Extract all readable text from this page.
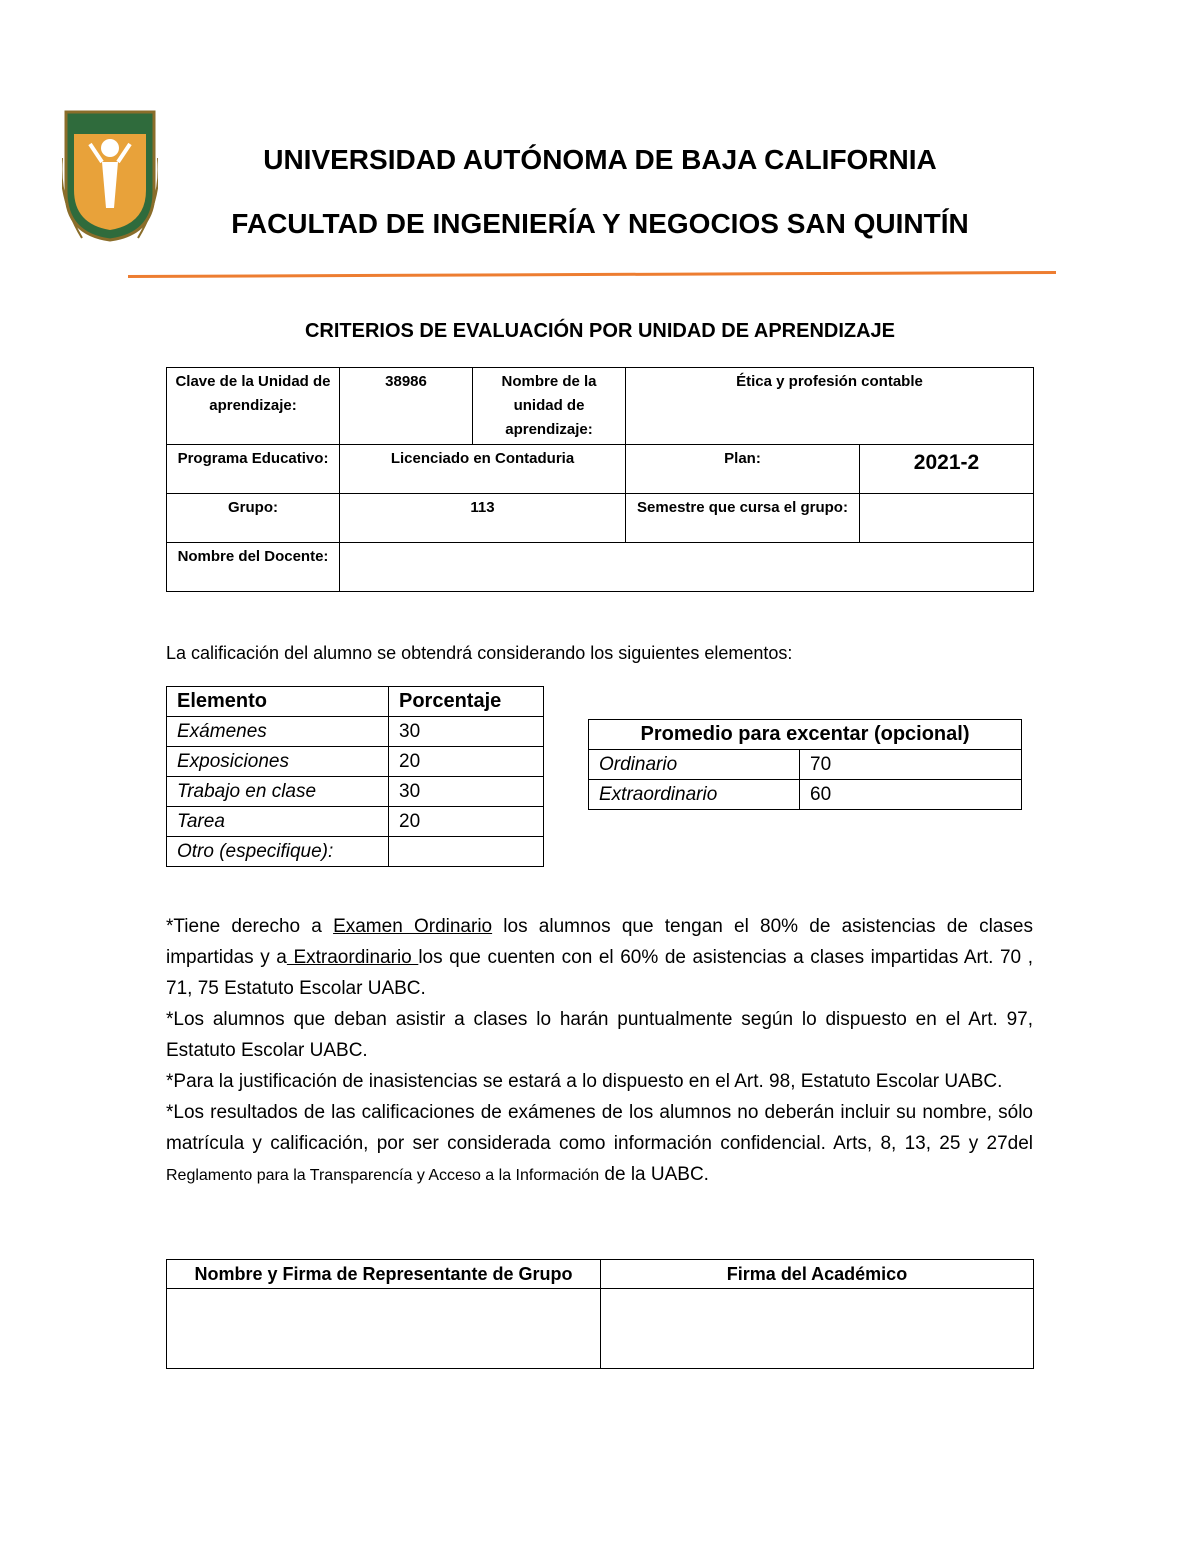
UNIVERSIDAD AUTÓNOMA DE BAJA CALIFORNIA
FACULTAD DE INGENIERÍA Y NEGOCIOS SAN QUINTÍN
CRITERIOS DE EVALUACIÓN POR UNIDAD DE APRENDIZAJE
Clave de la Unidad de aprendizaje:	38986	Nombre de la unidad de aprendizaje:	Ética y profesión contable	
Programa Educativo:	Licenciado en Contaduria		Plan:	2021-2
Grupo:	113		Semestre que cursa el grupo:	
Nombre del Docente:				
La calificación del alumno se obtendrá considerando los siguientes elementos:
Elemento	Porcentaje
Exámenes	30
Exposiciones	20
Trabajo en clase	30
Tarea	20
Otro (especifique):	
Promedio para excentar (opcional)	
Ordinario	70
Extraordinario	60

*Tiene derecho a Examen Ordinario los alumnos que tengan el 80% de asistencias de clases impartidas y a Extraordinario los que cuenten con el 60% de asistencias a clases impartidas Art. 70 , 71, 75 Estatuto Escolar UABC.

*Los alumnos que deban asistir a clases lo harán puntualmente según lo dispuesto en el Art. 97, Estatuto Escolar UABC.

*Para la justificación de inasistencias se estará a lo dispuesto en el Art. 98, Estatuto Escolar UABC.

*Los resultados de las calificaciones de exámenes de los alumnos no deberán incluir su nombre, sólo matrícula y calificación, por ser considerada como información confidencial. Arts, 8, 13, 25 y 27del Reglamento para la Transparencía y Acceso a la Información de la UABC.

Nombre y Firma de Representante de Grupo	Firma del Académico
